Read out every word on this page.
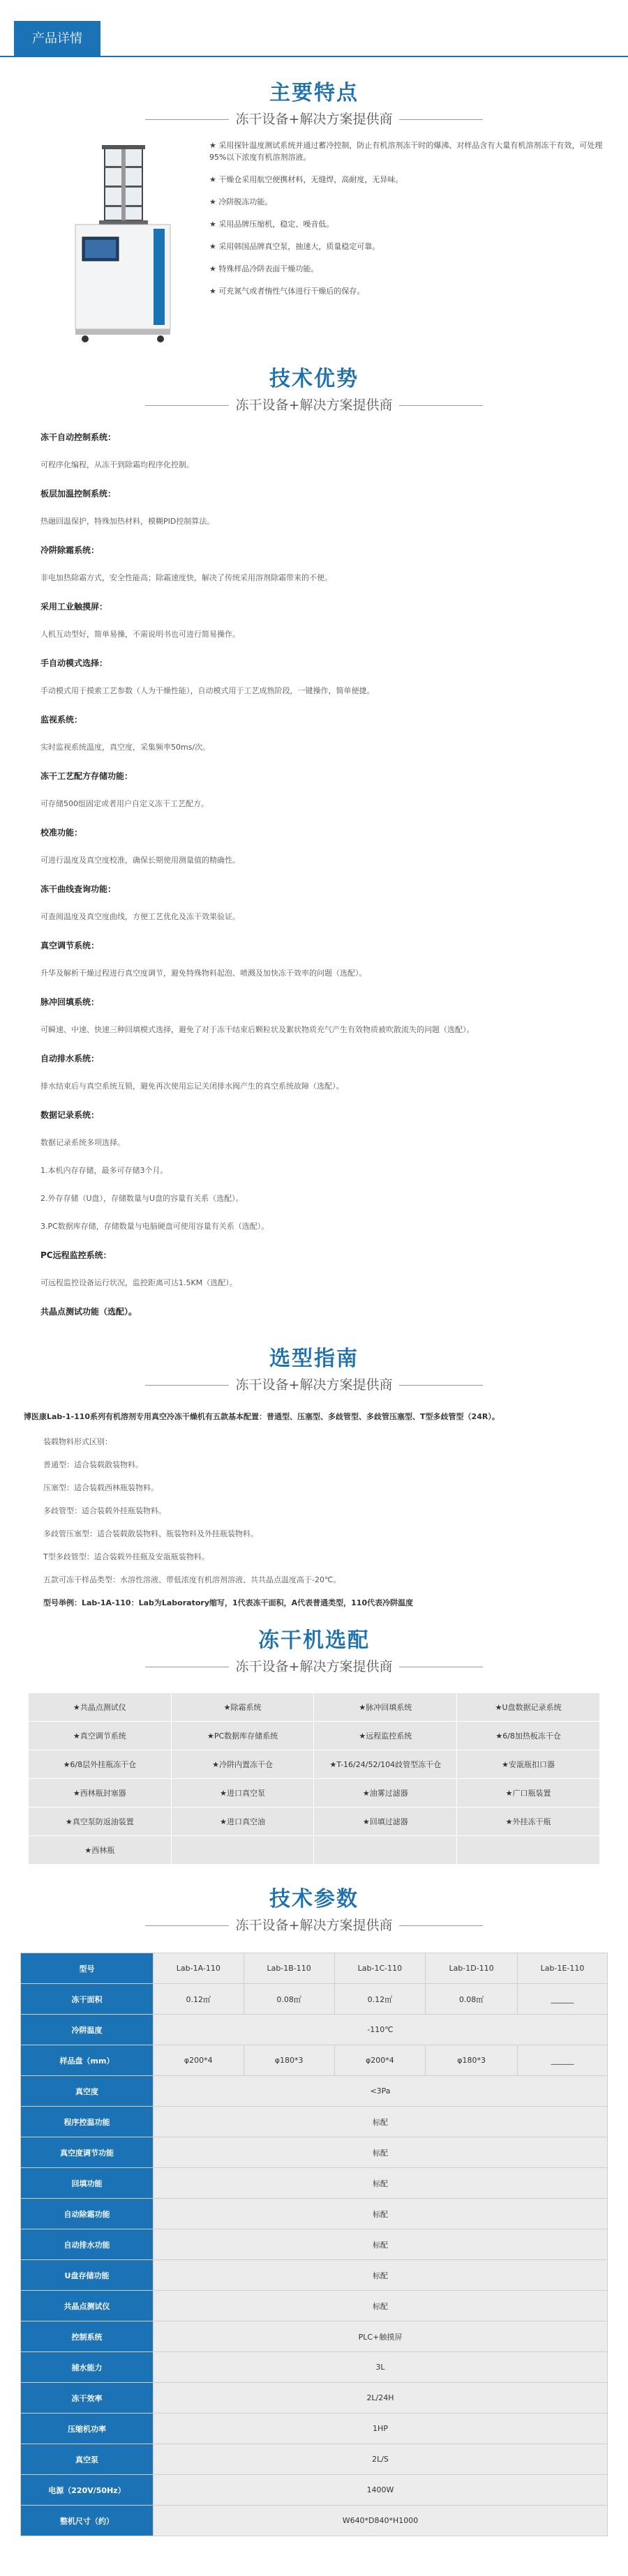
产品详情
主要特点
冻干设备+解决方案提供商
★ 采用探针温度测试系统并通过蓄冷控制，防止有机溶剂冻干时的爆沸、对样品含有大量有机溶剂冻干有效，可处理95%以下浓度有机溶剂溶液。
★ 干燥仓采用航空便携材料，无缝焊，高耐度，无异味。
★ 冷阱脱冻功能。
★ 采用品牌压缩机，稳定、噪音低。
★ 采用韩国品牌真空泵，抽速大，质量稳定可靠。
★ 特殊样品冷阱表面干燥功能。
★ 可充氮气或者惰性气体进行干燥后的保存。
技术优势
冻干设备+解决方案提供商
冻干自动控制系统：
可程序化编程，从冻干到除霜均程序化控制。
板层加温控制系统：
热融回温保护，特殊加热材料，模糊PID控制算法。
冷阱除霜系统：
非电加热除霜方式，安全性能高；除霜速度快，解决了传统采用溶剂除霜带来的不便。
采用工业触摸屏：
人机互动型好，简单易操，不需说明书也可进行简易操作。
手自动模式选择：
手动模式用于摸索工艺参数（人为干燥性能），自动模式用于工艺成熟阶段，一键操作，简单便捷。
监视系统：
实时监视系统温度，真空度，采集频率50ms/次。
冻干工艺配方存储功能：
可存储500组固定或者用户自定义冻干工艺配方。
校准功能：
可进行温度及真空度校准，确保长期使用测量值的精确性。
冻干曲线查询功能：
可查阅温度及真空度曲线，方便工艺优化及冻干效果验证。
真空调节系统：
升华及解析干燥过程进行真空度调节，避免特殊物料起泡、喷溅及加快冻干效率的问题（选配）。
脉冲回填系统：
可瞬速、中速、快速三种回填模式选择，避免了对于冻干结束后颗粒状及絮状物质充气产生有效物质被吹散流失的问题（选配）。
自动排水系统：
排水结束后与真空系统互锁，避免再次使用忘记关闭排水阀产生的真空系统故障（选配）。
数据记录系统：
数据记录系统多项选择。
1.本机内存存储，最多可存储3个月。
2.外存存储（U盘），存储数量与U盘的容量有关系（选配）。
3.PC数据库存储，存储数量与电脑硬盘可使用容量有关系（选配）。
PC远程监控系统：
可远程监控设备运行状况，监控距离可达1.5KM（选配）。
共晶点测试功能（选配）。
选型指南
冻干设备+解决方案提供商
博医康Lab-1-110系列有机溶剂专用真空冷冻干燥机有五款基本配置：普通型、压塞型、多歧管型、多歧管压塞型、T型多歧管型（24R）。
装载物料形式区别：
普通型：适合装载散装物料。
压塞型：适合装载西林瓶装物料。
多歧管型：适合装载外挂瓶装物料。
多歧管压塞型：适合装载散装物料、瓶装物料及外挂瓶装物料。
T型多歧管型：适合装载外挂瓶及安瓿瓶装物料。
五款可冻干样品类型：水溶性溶液、带低浓度有机溶剂溶液、共共晶点温度高于-20℃。
型号举例：Lab-1A-110：Lab为Laboratory缩写，1代表冻干面积，A代表普通类型，110代表冷阱温度
冻干机选配
冻干设备+解决方案提供商
★共晶点测试仪	★除霜系统	★脉冲回填系统	★U盘数据记录系统
★真空调节系统	★PC数据库存储系统	★远程监控系统	★6/8加热板冻干仓
★6/8层外挂瓶冻干仓	★冷阱内置冻干仓	★T-16/24/52/104歧管型冻干仓	★安瓿瓶扣口器
★西林瓶封塞器	★进口真空泵	★油雾过滤器	★广口瓶装置
★真空泵防返油装置	★进口真空油	★回填过滤器	★外挂冻干瓶
★西林瓶			
技术参数
冻干设备+解决方案提供商
型号	Lab-1A-110	Lab-1B-110	Lab-1C-110	Lab-1D-110	Lab-1E-110
冻干面积	0.12㎡	0.08㎡	0.12㎡	0.08㎡	______
冷阱温度	-110℃				
样品盘（mm）	φ200*4	φ180*3	φ200*4	φ180*3	______
真空度	<3Pa				
程序控温功能	标配				
真空度调节功能	标配				
回填功能	标配				
自动除霜功能	标配				
自动排水功能	标配				
U盘存储功能	标配				
共晶点测试仪	标配				
控制系统	PLC+触摸屏				
捕水能力	3L				
冻干效率	2L/24H				
压缩机功率	1HP				
真空泵	2L/S				
电源（220V/50Hz）	1400W				
整机尺寸（约）	W640*D840*H1000				
